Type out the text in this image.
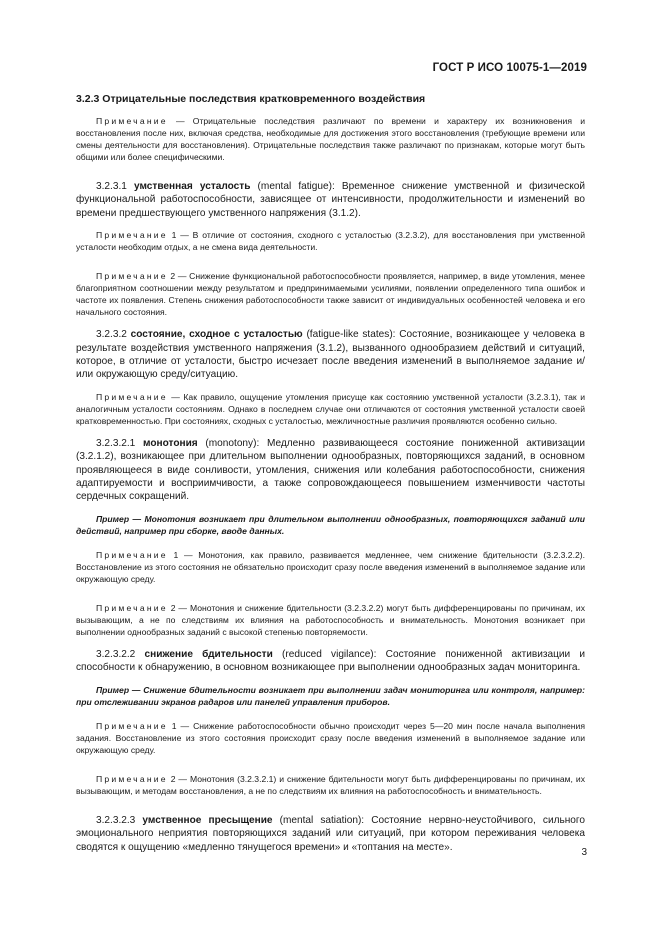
ГОСТ Р ИСО 10075-1—2019
3.2.3 Отрицательные последствия кратковременного воздействия

Примечание — Отрицательные последствия различают по времени и характеру их возникновения и восстановления после них, включая средства, необходимые для достижения этого восстановления (требующие времени или смены деятельности для восстановления). Отрицательные последствия также различают по признакам, которые могут быть общими или более специфическими.

3.2.3.1 умственная усталость (mental fatigue): Временное снижение умственной и физической функциональной работоспособности, зависящее от интенсивности, продолжительности и изменений во времени предшествующего умственного напряжения (3.1.2).

Примечание 1 — В отличие от состояния, сходного с усталостью (3.2.3.2), для восстановления при умственной усталости необходим отдых, а не смена вида деятельности.

Примечание 2 — Снижение функциональной работоспособности проявляется, например, в виде утомления, менее благоприятном соотношении между результатом и предпринимаемыми усилиями, появлении определенного типа ошибок и частоте их появления. Степень снижения работоспособности также зависит от индивидуальных особенностей человека и его начального состояния.

3.2.3.2 состояние, сходное с усталостью (fatigue-like states): Состояние, возникающее у человека в результате воздействия умственного напряжения (3.1.2), вызванного однообразием действий и ситуаций, которое, в отличие от усталости, быстро исчезает после введения изменений в выполняемое задание и/или окружающую среду/ситуацию.

Примечание — Как правило, ощущение утомления присуще как состоянию умственной усталости (3.2.3.1), так и аналогичным усталости состояниям. Однако в последнем случае они отличаются от состояния умственной усталости своей кратковременностью. При состояниях, сходных с усталостью, межличностные различия проявляются особенно сильно.

3.2.3.2.1 монотония (monotony): Медленно развивающееся состояние пониженной активизации (3.2.1.2), возникающее при длительном выполнении однообразных, повторяющихся заданий, в основном проявляющееся в виде сонливости, утомления, снижения или колебания работоспособности, снижения адаптируемости и восприимчивости, а также сопровождающееся повышением изменчивости частоты сердечных сокращений.

Пример — Монотония возникает при длительном выполнении однообразных, повторяющихся заданий или действий, например при сборке, вводе данных.

Примечание 1 — Монотония, как правило, развивается медленнее, чем снижение бдительности (3.2.3.2.2). Восстановление из этого состояния не обязательно происходит сразу после введения изменений в выполняемое задание или окружающую среду.

Примечание 2 — Монотония и снижение бдительности (3.2.3.2.2) могут быть дифференцированы по причинам, их вызывающим, а не по следствиям их влияния на работоспособность и внимательность. Монотония возникает при выполнении однообразных заданий с высокой степенью повторяемости.

3.2.3.2.2 снижение бдительности (reduced vigilance): Состояние пониженной активизации и способности к обнаружению, в основном возникающее при выполнении однообразных задач мониторинга.

Пример — Снижение бдительности возникает при выполнении задач мониторинга или контроля, например: при отслеживании экранов радаров или панелей управления приборов.

Примечание 1 — Снижение работоспособности обычно происходит через 5—20 мин после начала выполнения задания. Восстановление из этого состояния происходит сразу после введения изменений в выполняемое задание или окружающую среду.

Примечание 2 — Монотония (3.2.3.2.1) и снижение бдительности могут быть дифференцированы по причинам, их вызывающим, и методам восстановления, а не по следствиям их влияния на работоспособность и внимательность.

3.2.3.2.3 умственное пресыщение (mental satiation): Состояние нервно-неустойчивого, сильного эмоционального неприятия повторяющихся заданий или ситуаций, при котором переживания человека сводятся к ощущению «медленно тянущегося времени» и «топтания на месте».	3
